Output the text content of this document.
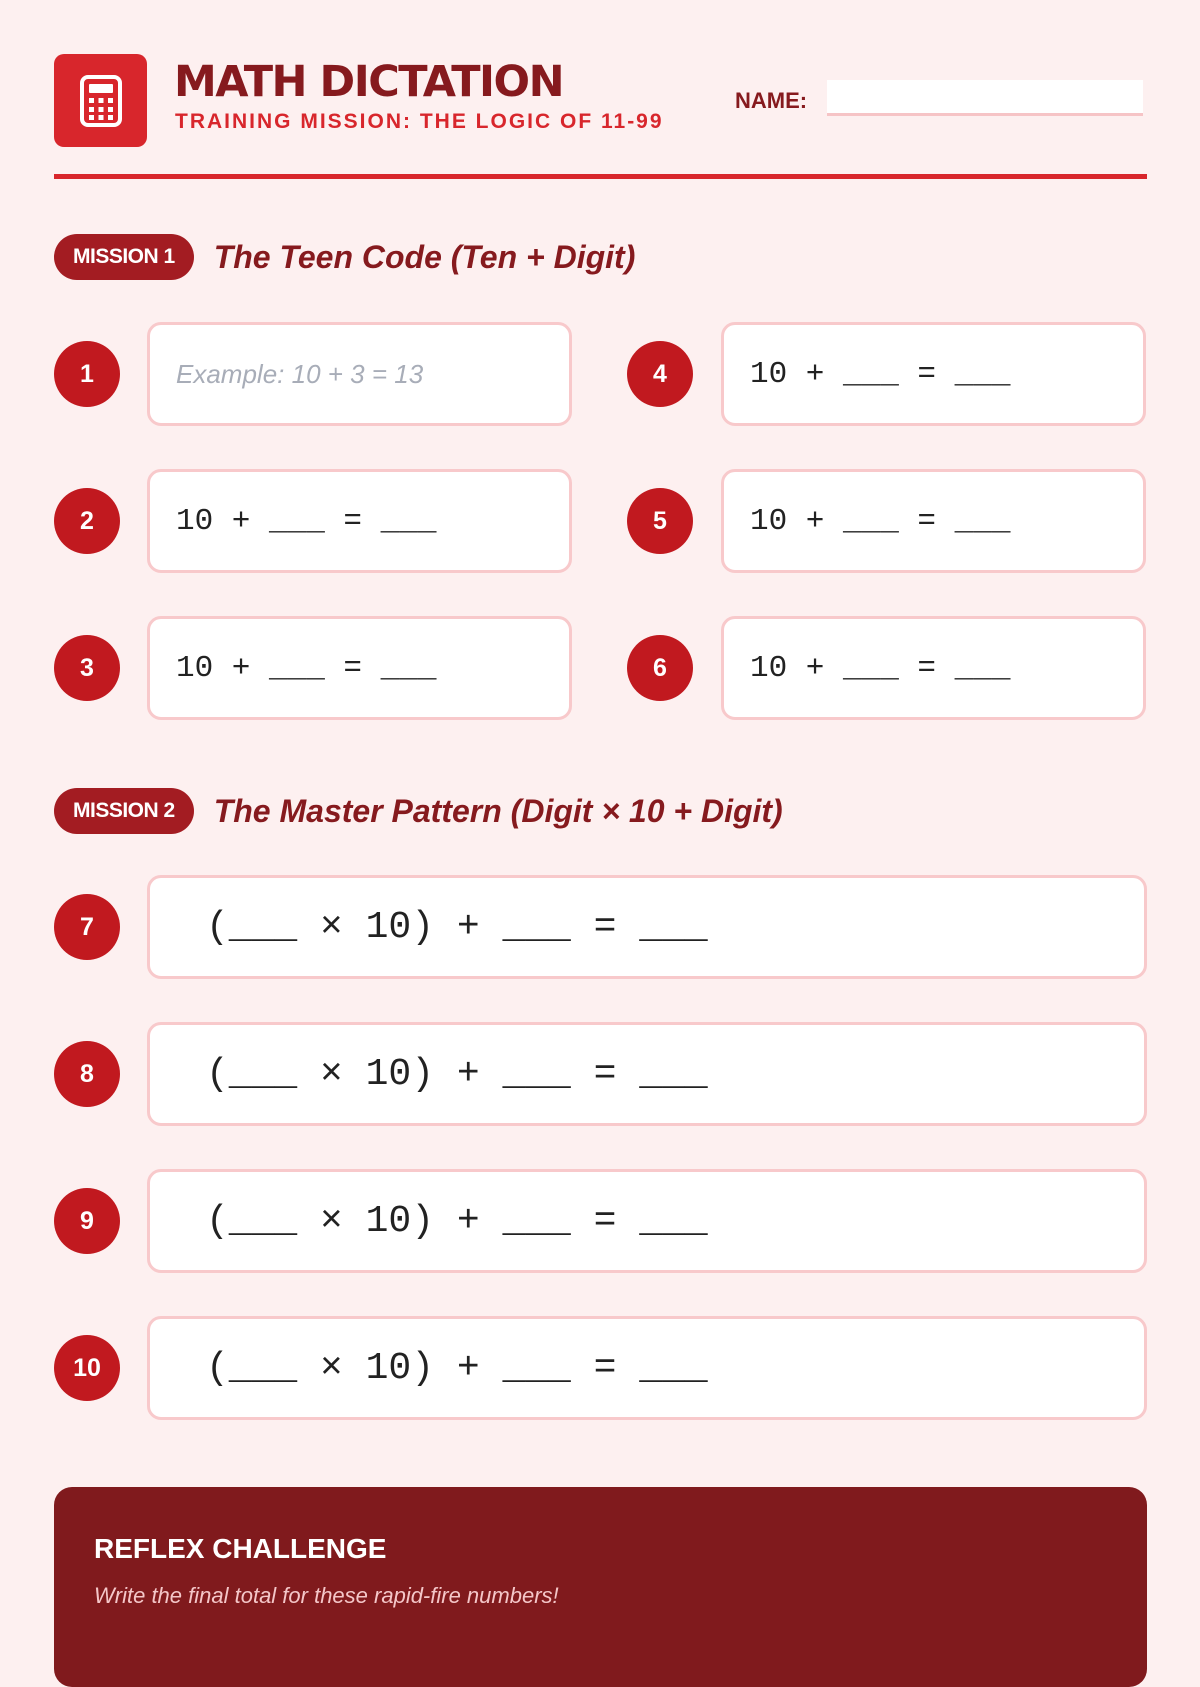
MATH DICTATION
TRAINING MISSION: THE LOGIC OF 11-99
NAME:
MISSION 1	The Teen Code (Ten + Digit)
1	Example: 10 + 3 = 13
2	10 + ___ = ___
3	10 + ___ = ___
4	10 + ___ = ___
5	10 + ___ = ___
6	10 + ___ = ___
MISSION 2	The Master Pattern (Digit × 10 + Digit)
7	(___ × 10) + ___ = ___
8	(___ × 10) + ___ = ___
9	(___ × 10) + ___ = ___
10	(___ × 10) + ___ = ___
REFLEX CHALLENGE
Write the final total for these rapid-fire numbers!
